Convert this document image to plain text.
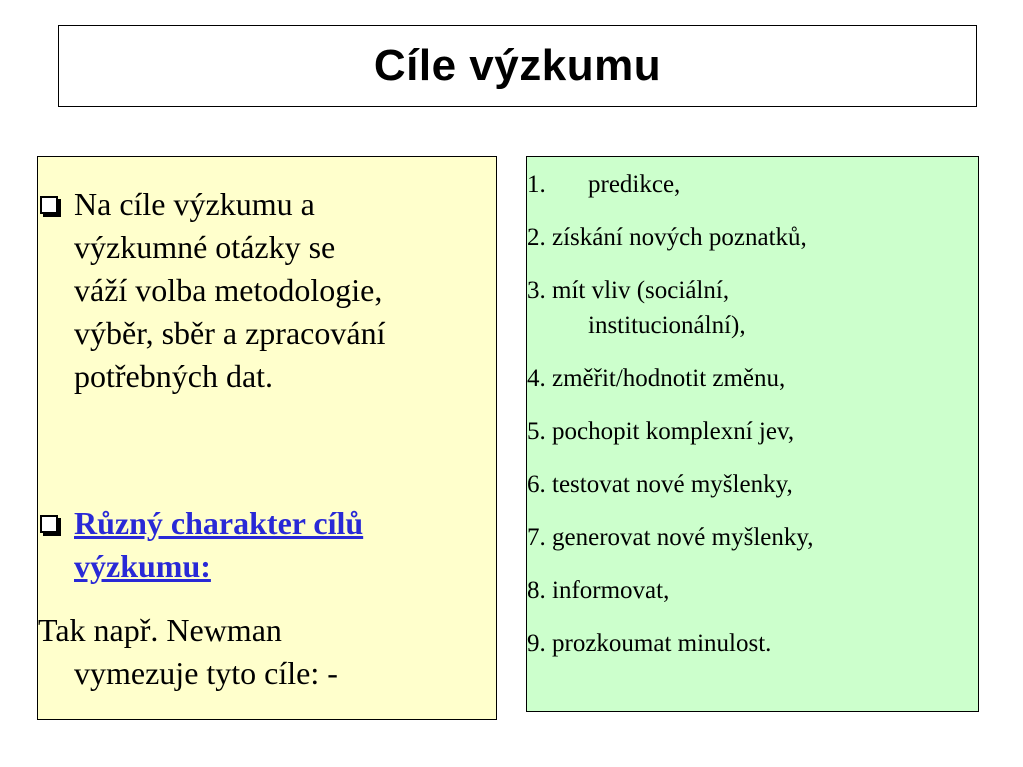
Cíle výzkumu
Na cíle výzkumu a
výzkumné otázky se
váží volba metodologie,
výběr, sběr a zpracování
potřebných dat.
Různý charakter cílů
výzkumu:
Tak např. Newman
vymezuje tyto cíle: -
1. predikce,
2. získání nových poznatků,
3. mít vliv (sociální,
institucionální),
4. změřit/hodnotit změnu,
5. pochopit komplexní jev,
6. testovat nové myšlenky,
7. generovat nové myšlenky,
8. informovat,
9. prozkoumat minulost.
